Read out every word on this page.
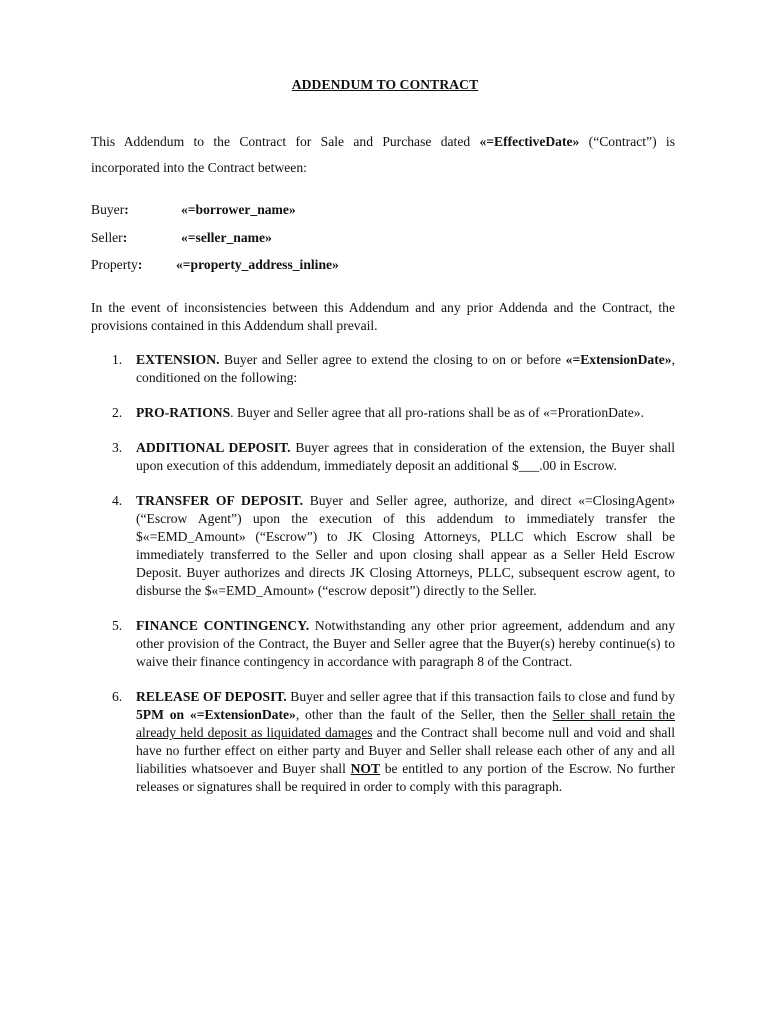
ADDENDUM TO CONTRACT
This Addendum to the Contract for Sale and Purchase dated «=EffectiveDate» (“Contract”) is incorporated into the Contract between:
Buyer:	«=borrower_name»
Seller:	«=seller_name»
Property: «=property_address_inline»
In the event of inconsistencies between this Addendum and any prior Addenda and the Contract, the provisions contained in this Addendum shall prevail.
1. EXTENSION. Buyer and Seller agree to extend the closing to on or before «=ExtensionDate», conditioned on the following:
2. PRO-RATIONS. Buyer and Seller agree that all pro-rations shall be as of «=ProrationDate».
3. ADDITIONAL DEPOSIT. Buyer agrees that in consideration of the extension, the Buyer shall upon execution of this addendum, immediately deposit an additional $___.00 in Escrow.
4. TRANSFER OF DEPOSIT. Buyer and Seller agree, authorize, and direct «=ClosingAgent» (“Escrow Agent”) upon the execution of this addendum to immediately transfer the $«=EMD_Amount» (“Escrow”) to JK Closing Attorneys, PLLC which Escrow shall be immediately transferred to the Seller and upon closing shall appear as a Seller Held Escrow Deposit. Buyer authorizes and directs JK Closing Attorneys, PLLC, subsequent escrow agent, to disburse the $«=EMD_Amount» (“escrow deposit”) directly to the Seller.
5. FINANCE CONTINGENCY. Notwithstanding any other prior agreement, addendum and any other provision of the Contract, the Buyer and Seller agree that the Buyer(s) hereby continue(s) to waive their finance contingency in accordance with paragraph 8 of the Contract.
6. RELEASE OF DEPOSIT. Buyer and seller agree that if this transaction fails to close and fund by 5PM on «=ExtensionDate», other than the fault of the Seller, then the Seller shall retain the already held deposit as liquidated damages and the Contract shall become null and void and shall have no further effect on either party and Buyer and Seller shall release each other of any and all liabilities whatsoever and Buyer shall NOT be entitled to any portion of the Escrow. No further releases or signatures shall be required in order to comply with this paragraph.
